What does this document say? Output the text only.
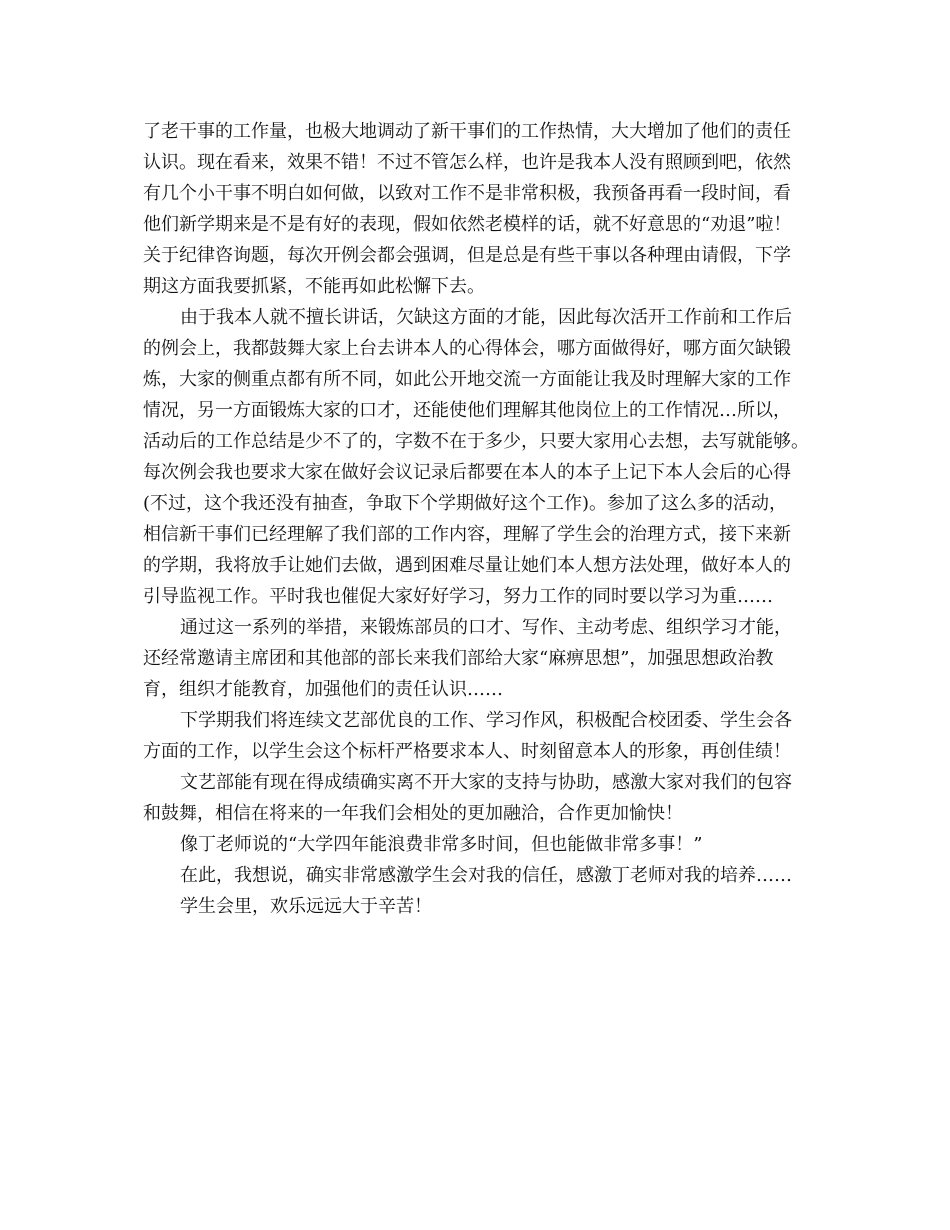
了老干事的工作量，也极大地调动了新干事们的工作热情，大大增加了他们的责任
认识。现在看来，效果不错！不过不管怎么样，也许是我本人没有照顾到吧，依然
有几个小干事不明白如何做，以致对工作不是非常积极，我预备再看一段时间，看
他们新学期来是不是有好的表现，假如依然老模样的话，就不好意思的“劝退”啦！
关于纪律咨询题，每次开例会都会强调，但是总是有些干事以各种理由请假，下学
期这方面我要抓紧，不能再如此松懈下去。
由于我本人就不擅长讲话，欠缺这方面的才能，因此每次活开工作前和工作后
的例会上，我都鼓舞大家上台去讲本人的心得体会，哪方面做得好，哪方面欠缺锻
炼，大家的侧重点都有所不同，如此公开地交流一方面能让我及时理解大家的工作
情况，另一方面锻炼大家的口才，还能使他们理解其他岗位上的工作情况…所以，
活动后的工作总结是少不了的，字数不在于多少，只要大家用心去想，去写就能够。
每次例会我也要求大家在做好会议记录后都要在本人的本子上记下本人会后的心得
(不过，这个我还没有抽查，争取下个学期做好这个工作)。参加了这么多的活动，
相信新干事们已经理解了我们部的工作内容，理解了学生会的治理方式，接下来新
的学期，我将放手让她们去做，遇到困难尽量让她们本人想方法处理，做好本人的
引导监视工作。平时我也催促大家好好学习，努力工作的同时要以学习为重……
通过这一系列的举措，来锻炼部员的口才、写作、主动考虑、组织学习才能，
还经常邀请主席团和其他部的部长来我们部给大家“麻痹思想”，加强思想政治教
育，组织才能教育，加强他们的责任认识……
下学期我们将连续文艺部优良的工作、学习作风，积极配合校团委、学生会各
方面的工作，以学生会这个标杆严格要求本人、时刻留意本人的形象，再创佳绩！
文艺部能有现在得成绩确实离不开大家的支持与协助，感激大家对我们的包容
和鼓舞，相信在将来的一年我们会相处的更加融洽，合作更加愉快！
像丁老师说的“大学四年能浪费非常多时间，但也能做非常多事！”
在此，我想说，确实非常感激学生会对我的信任，感激丁老师对我的培养……
学生会里，欢乐远远大于辛苦！
